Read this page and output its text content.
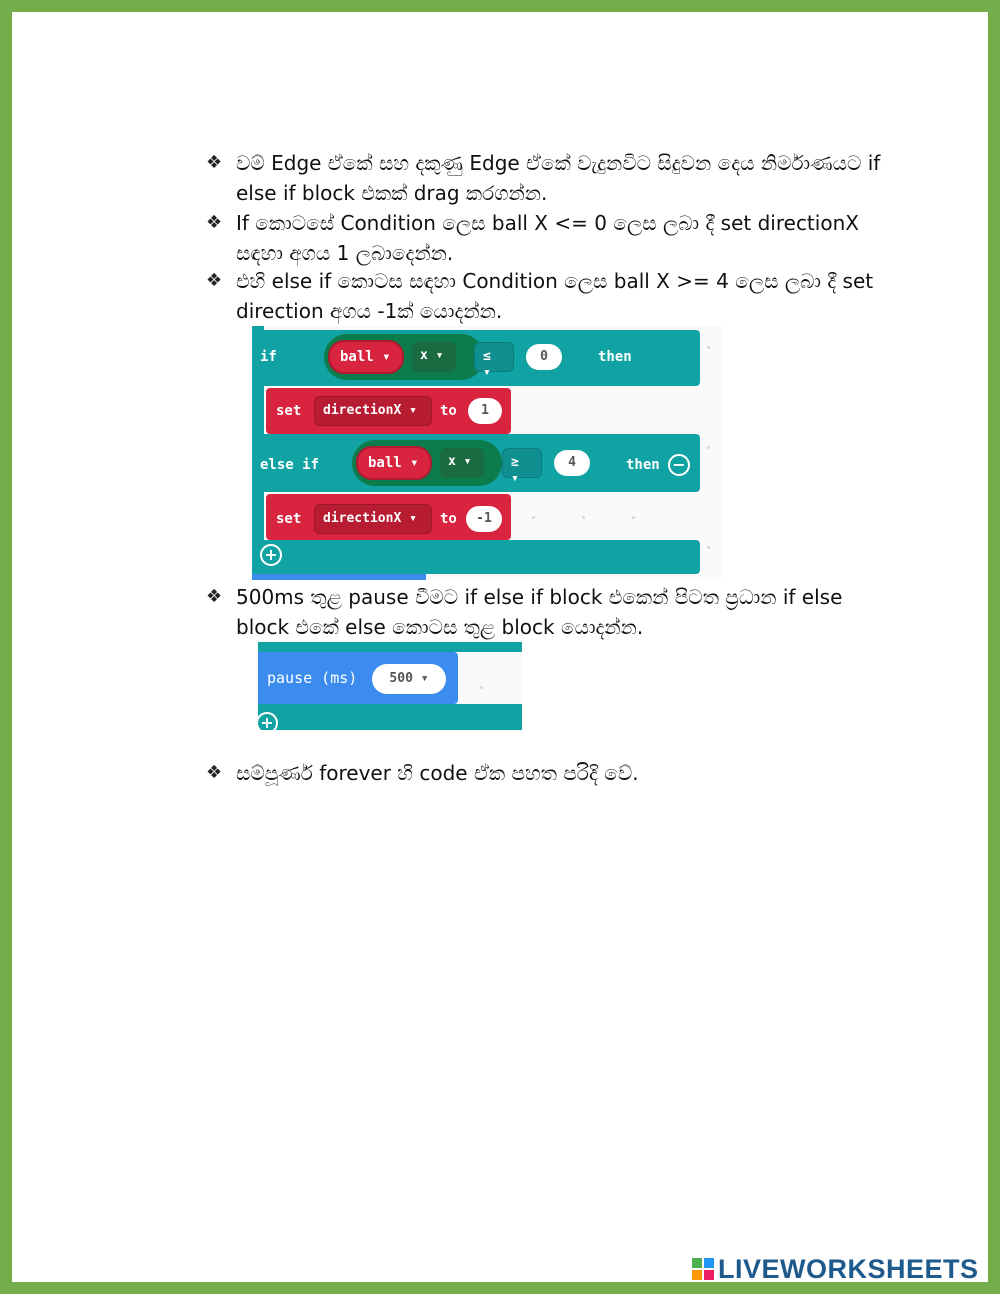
❖ වම් Edge ඒකේ සහ දකුණු Edge ඒකේ වැදුනවිට සිදුවන දෙය නිර්මාණයට if else if block එකක් drag කරගන්න.
❖ If කොටසේ Condition ලෙස ball X <= 0 ලෙස ලබා දී set directionX සඳහා අගය 1 ලබාදෙන්න.
❖ එහි else if කොටස සඳහා Condition ලෙස ball X >= 4 ලෙස ලබා දී set direction අගය -1ක් යොදන්න.
❖ 500ms තුළ pause වීමට if else if block එකෙන් පිටත ප්‍රධාන if else block එකේ else කොටස තුළ block යොදන්න.
❖ සම්පූර්ණ forever හි code ඒක පහත පරිදි වේ.
if	ball ▾	x ▾	≤ ▾
0	then
set	directionX ▾	to	1
else if	ball ▾	x ▾	≥ ▾
4	then −
set	directionX ▾	to	-1
+
pause (ms)	500 ▾
+
LIVEWORKSHEETS
